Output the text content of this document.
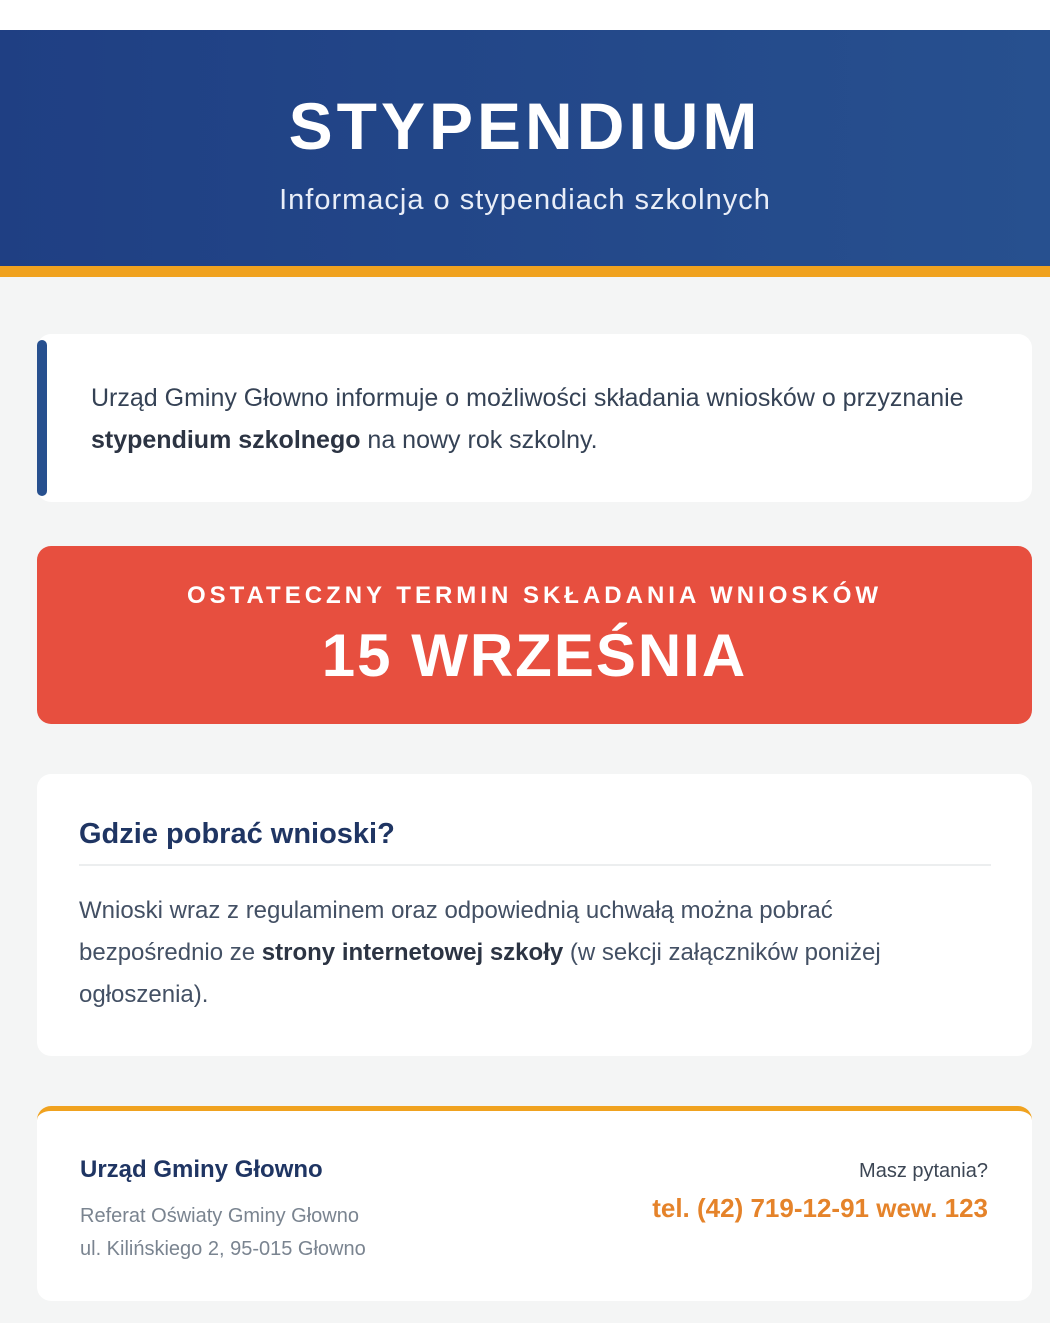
STYPENDIUM
Informacja o stypendiach szkolnych

Urząd Gminy Głowno informuje o możliwości składania wniosków o przyznanie stypendium szkolnego na nowy rok szkolny.

OSTATECZNY TERMIN SKŁADANIA WNIOSKÓW
15 WRZEŚNIA
Gdzie pobrać wnioski?

Wnioski wraz z regulaminem oraz odpowiednią uchwałą można pobrać bezpośrednio ze strony internetowej szkoły (w sekcji załączników poniżej ogłoszenia).

Urząd Gminy Głowno
Referat Oświaty Gminy Głowno
ul. Kilińskiego 2, 95-015 Głowno
Masz pytania?
tel. (42) 719-12-91 wew. 123
